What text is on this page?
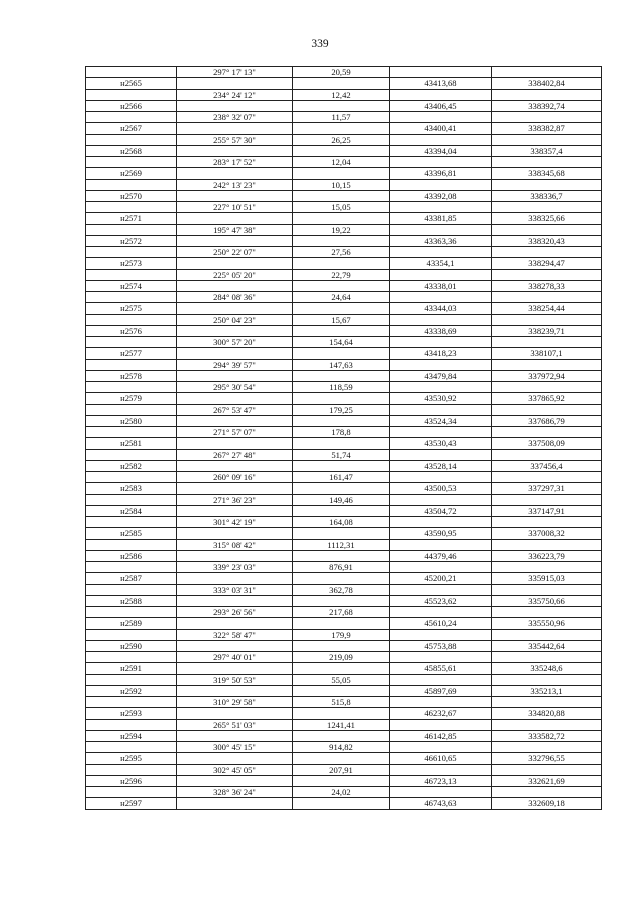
339
	297° 17' 13"	20,59		
н2565			43413,68	338402,84
	234° 24' 12"	12,42		
н2566			43406,45	338392,74
	238° 32' 07"	11,57		
н2567			43400,41	338382,87
	255° 57' 30"	26,25		
н2568			43394,04	338357,4
	283° 17' 52"	12,04		
н2569			43396,81	338345,68
	242° 13' 23"	10,15		
н2570			43392,08	338336,7
	227° 10' 51"	15,05		
н2571			43381,85	338325,66
	195° 47' 38"	19,22		
н2572			43363,36	338320,43
	250° 22' 07"	27,56		
н2573			43354,1	338294,47
	225° 05' 20"	22,79		
н2574			43338,01	338278,33
	284° 08' 36"	24,64		
н2575			43344,03	338254,44
	250° 04' 23"	15,67		
н2576			43338,69	338239,71
	300° 57' 20"	154,64		
н2577			43418,23	338107,1
	294° 39' 57"	147,63		
н2578			43479,84	337972,94
	295° 30' 54"	118,59		
н2579			43530,92	337865,92
	267° 53' 47"	179,25		
н2580			43524,34	337686,79
	271° 57' 07"	178,8		
н2581			43530,43	337508,09
	267° 27' 48"	51,74		
н2582			43528,14	337456,4
	260° 09' 16"	161,47		
н2583			43500,53	337297,31
	271° 36' 23"	149,46		
н2584			43504,72	337147,91
	301° 42' 19"	164,08		
н2585			43590,95	337008,32
	315° 08' 42"	1112,31		
н2586			44379,46	336223,79
	339° 23' 03"	876,91		
н2587			45200,21	335915,03
	333° 03' 31"	362,78		
н2588			45523,62	335750,66
	293° 26' 56"	217,68		
н2589			45610,24	335550,96
	322° 58' 47"	179,9		
н2590			45753,88	335442,64
	297° 40' 01"	219,09		
н2591			45855,61	335248,6
	319° 50' 53"	55,05		
н2592			45897,69	335213,1
	310° 29' 58"	515,8		
н2593			46232,67	334820,88
	265° 51' 03"	1241,41		
н2594			46142,85	333582,72
	300° 45' 15"	914,82		
н2595			46610,65	332796,55
	302° 45' 05"	207,91		
н2596			46723,13	332621,69
	328° 36' 24"	24,02		
н2597			46743,63	332609,18
